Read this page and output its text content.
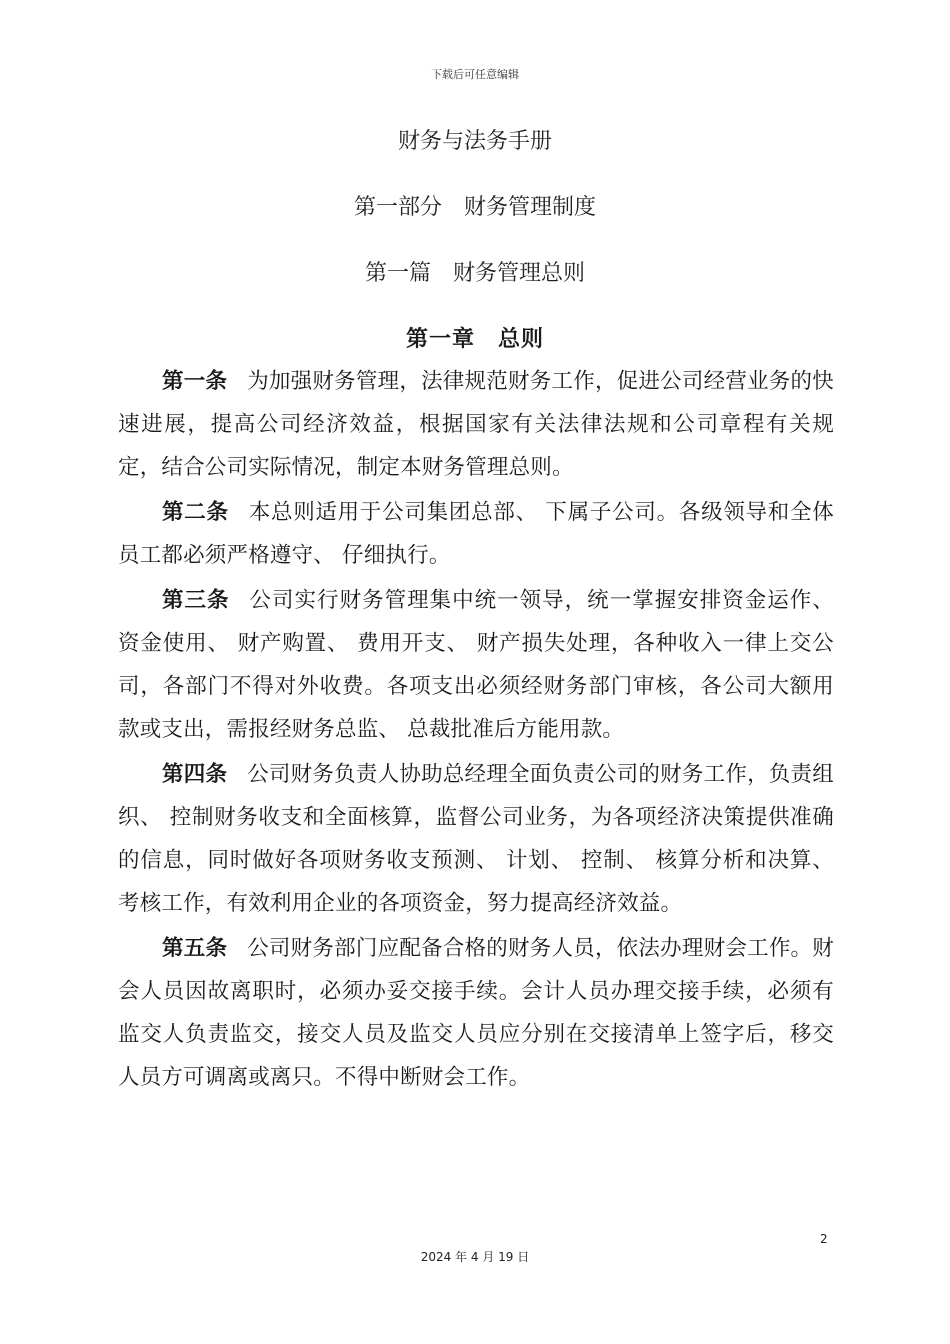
下载后可任意编辑
财务与法务手册
第一部分　财务管理制度
第一篇　财务管理总则
第一章　总则

第一条 为加强财务管理，法律规范财务工作，促进公司经营业务的快速进展，提高公司经济效益，根据国家有关法律法规和公司章程有关规定，结合公司实际情况，制定本财务管理总则。

第二条 本总则适用于公司集团总部、 下属子公司。各级领导和全体员工都必须严格遵守、 仔细执行。

第三条 公司实行财务管理集中统一领导，统一掌握安排资金运作、 资金使用、 财产购置、 费用开支、 财产损失处理，各种收入一律上交公司，各部门不得对外收费。各项支出必须经财务部门审核，各公司大额用款或支出，需报经财务总监、 总裁批准后方能用款。

第四条 公司财务负责人协助总经理全面负责公司的财务工作，负责组织、 控制财务收支和全面核算，监督公司业务，为各项经济决策提供准确的信息，同时做好各项财务收支预测、 计划、 控制、 核算分析和决算、 考核工作，有效利用企业的各项资金，努力提高经济效益。

第五条 公司财务部门应配备合格的财务人员，依法办理财会工作。财会人员因故离职时，必须办妥交接手续。会计人员办理交接手续，必须有监交人负责监交，接交人员及监交人员应分别在交接清单上签字后，移交人员方可调离或离只。不得中断财会工作。

2
2024 年 4 月 19 日
